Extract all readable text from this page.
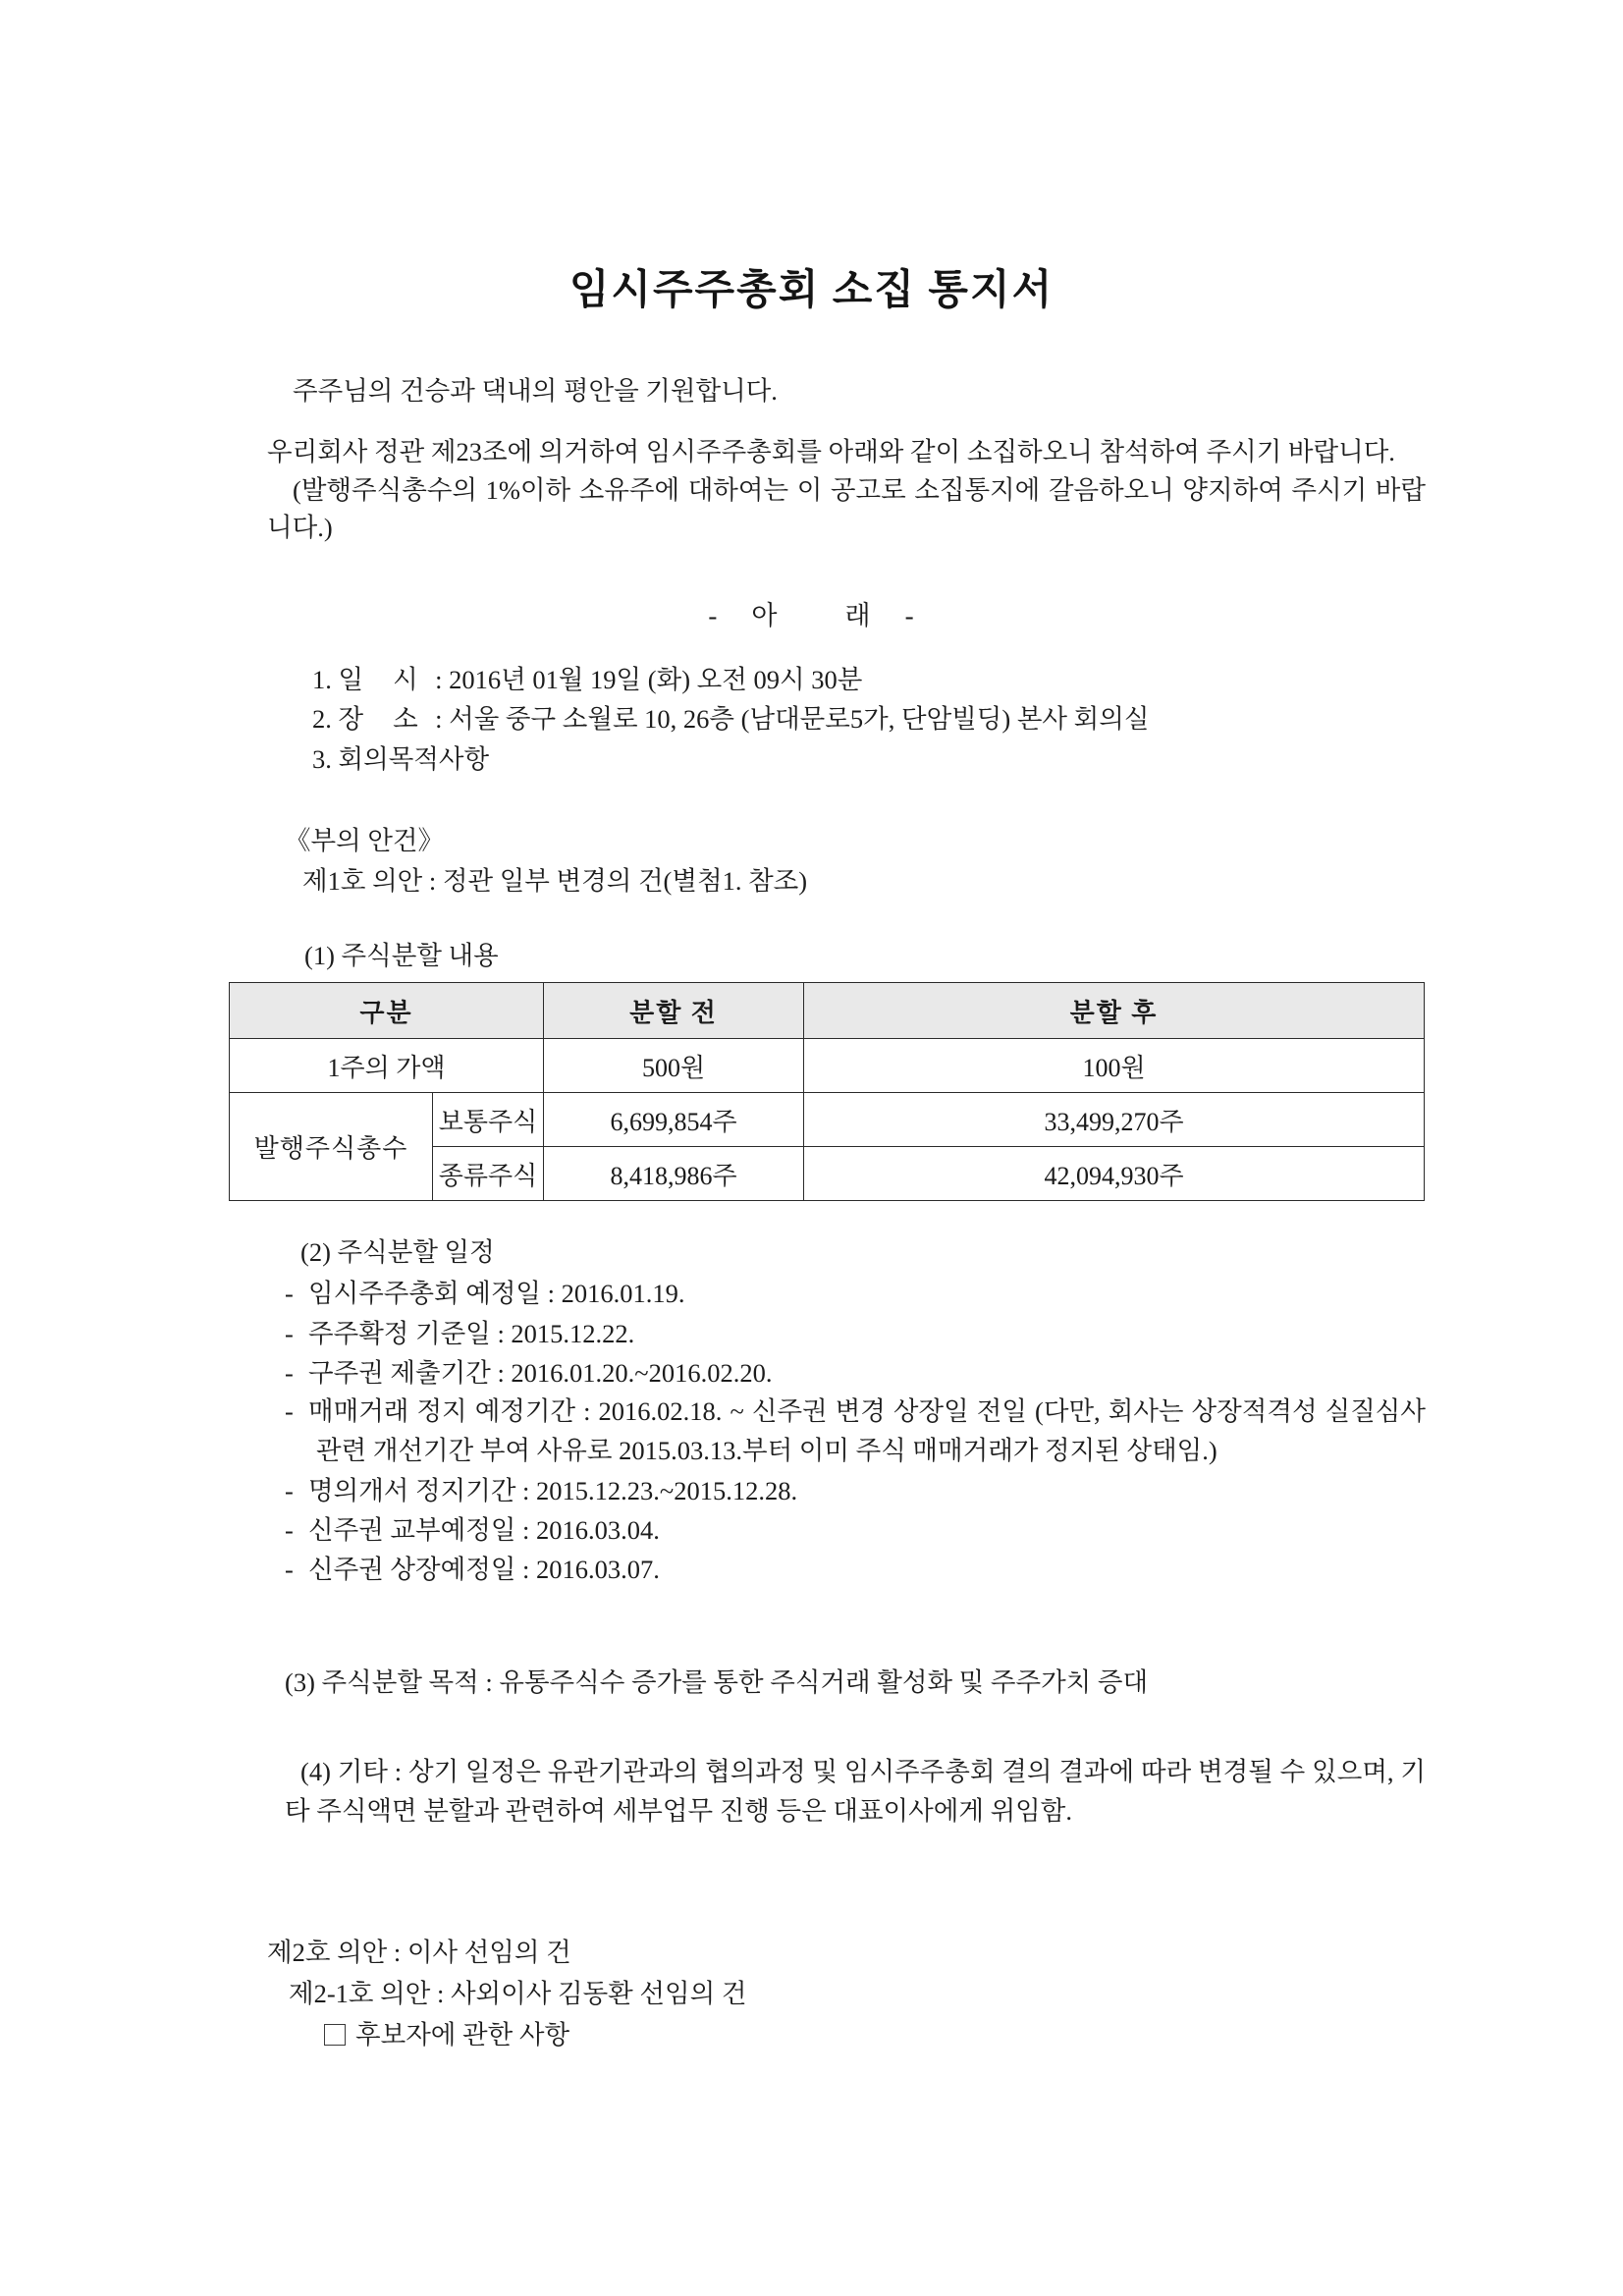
임시주주총회 소집 통지서

주주님의 건승과 댁내의 평안을 기원합니다.

우리회사 정관 제23조에 의거하여 임시주주총회를 아래와 같이 소집하오니 참석하여 주시기 바랍니다.

(발행주식총수의 1%이하 소유주에 대하여는 이 공고로 소집통지에 갈음하오니 양지하여 주시기 바랍니다.)

- 아	래 -
1. 일 시 : 2016년 01월 19일 (화) 오전 09시 30분
2. 장 소 : 서울 중구 소월로 10, 26층 (남대문로5가, 단암빌딩) 본사 회의실
3. 회의목적사항
《부의 안건》
제1호 의안 : 정관 일부 변경의 건(별첨1. 참조)
(1) 주식분할 내용
구분		분할 전	분할 후
1주의 가액		500원	100원
발행주식총수	보통주식	6,699,854주	33,499,270주
	종류주식	8,418,986주	42,094,930주
(2) 주식분할 일정
- 임시주주총회 예정일 : 2016.01.19.
- 주주확정 기준일 : 2015.12.22.
- 구주권 제출기간 : 2016.01.20.~2016.02.20.
- 매매거래 정지 예정기간 : 2016.02.18. ~ 신주권 변경 상장일 전일 (다만, 회사는 상장적격성 실질심사 관련 개선기간 부여 사유로 2015.03.13.부터 이미 주식 매매거래가 정지된 상태임.)
- 명의개서 정지기간 : 2015.12.23.~2015.12.28.
- 신주권 교부예정일 : 2016.03.04.
- 신주권 상장예정일 : 2016.03.07.
(3) 주식분할 목적 : 유통주식수 증가를 통한 주식거래 활성화 및 주주가치 증대
(4) 기타 : 상기 일정은 유관기관과의 협의과정 및 임시주주총회 결의 결과에 따라 변경될 수 있으며, 기타 주식액면 분할과 관련하여 세부업무 진행 등은 대표이사에게 위임함.
제2호 의안 : 이사 선임의 건
제2-1호 의안 : 사외이사 김동환 선임의 건
후보자에 관한 사항
